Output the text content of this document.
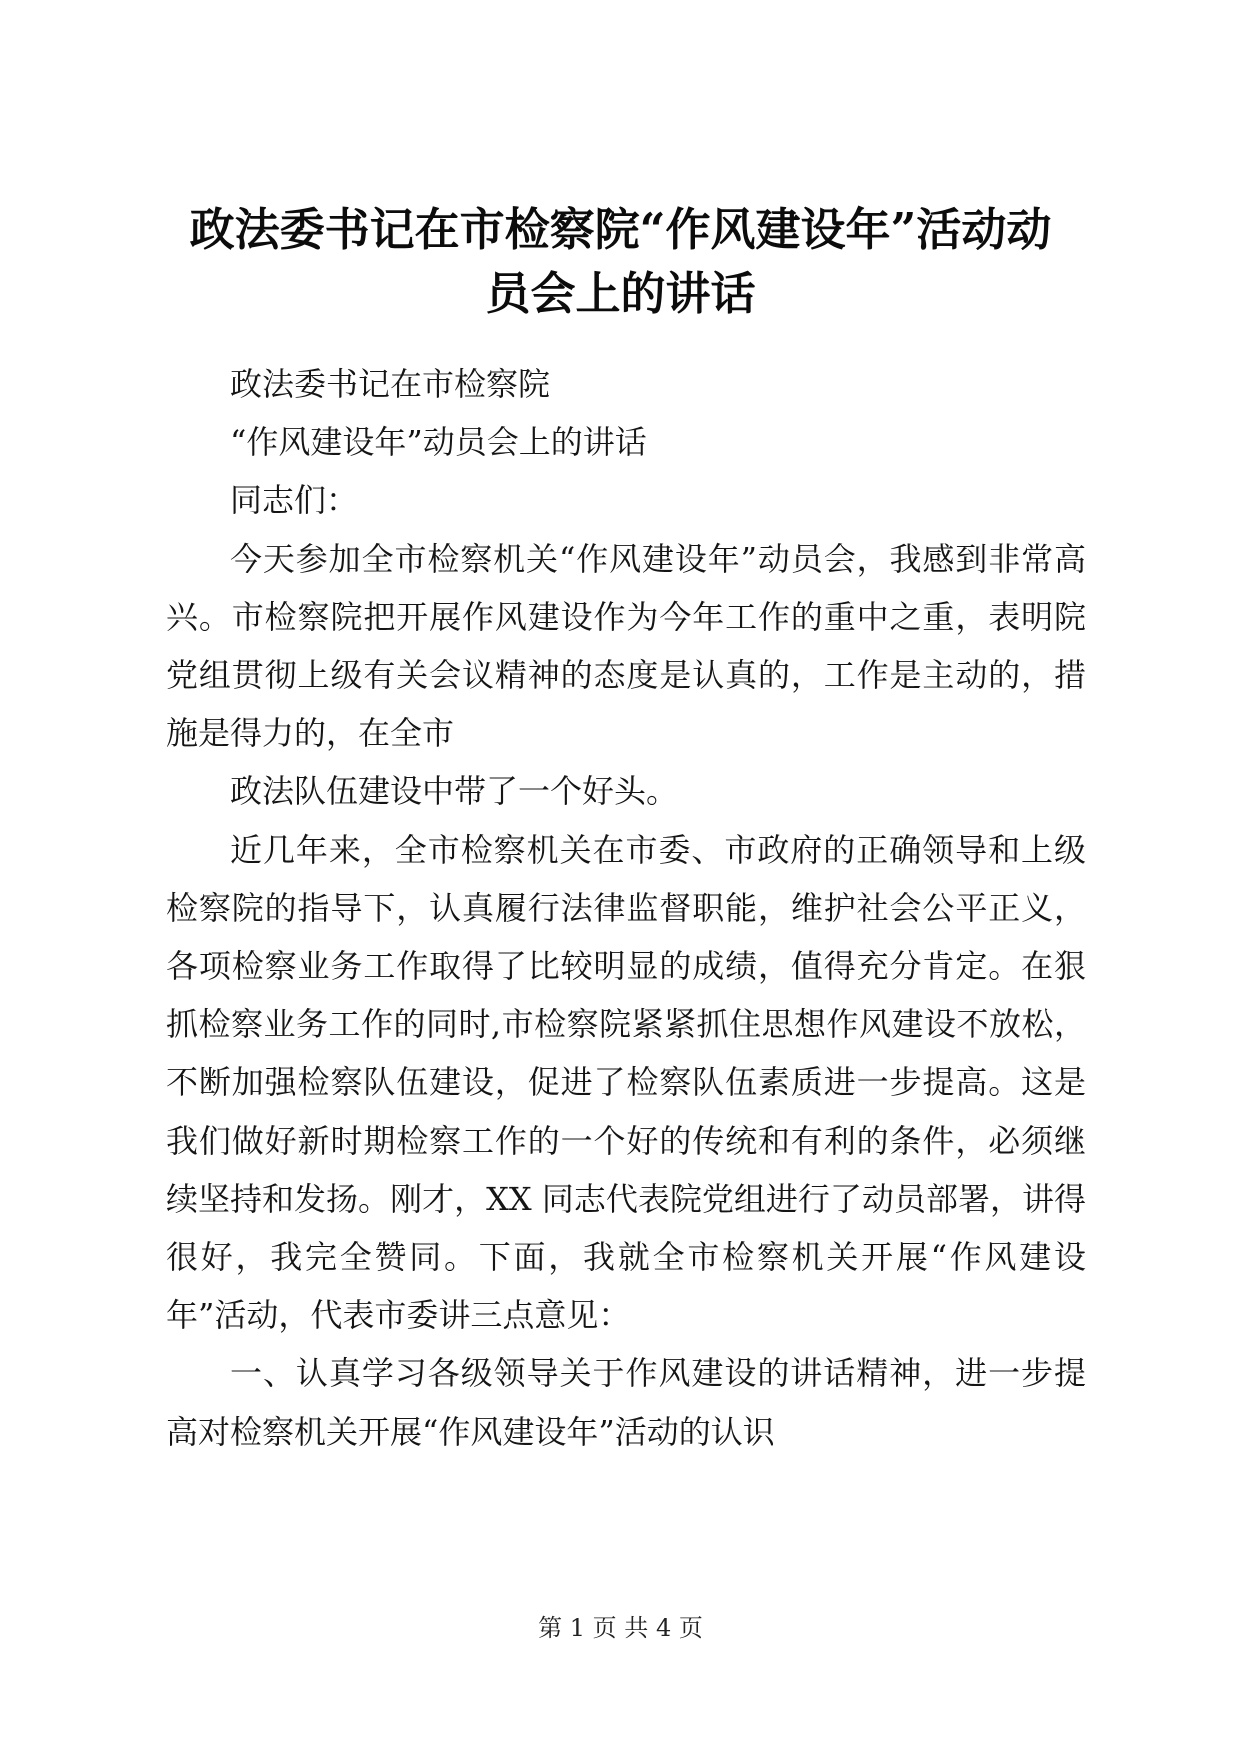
政法委书记在市检察院“作风建设年”活动动
员会上的讲话

政法委书记在市检察院

“作风建设年”动员会上的讲话

同志们：

今天参加全市检察机关“作风建设年”动员会，我感到非常高兴。市检察院把开展作风建设作为今年工作的重中之重，表明院党组贯彻上级有关会议精神的态度是认真的，工作是主动的，措施是得力的，在全市

政法队伍建设中带了一个好头。

近几年来，全市检察机关在市委、市政府的正确领导和上级检察院的指导下，认真履行法律监督职能，维护社会公平正义，各项检察业务工作取得了比较明显的成绩，值得充分肯定。在狠抓检察业务工作的同时,市检察院紧紧抓住思想作风建设不放松，不断加强检察队伍建设，促进了检察队伍素质进一步提高。这是我们做好新时期检察工作的一个好的传统和有利的条件，必须继续坚持和发扬。刚才，XX 同志代表院党组进行了动员部署，讲得很好，我完全赞同。下面，我就全市检察机关开展“作风建设年”活动，代表市委讲三点意见：

一、认真学习各级领导关于作风建设的讲话精神，进一步提高对检察机关开展“作风建设年”活动的认识

第 1 页 共 4 页
